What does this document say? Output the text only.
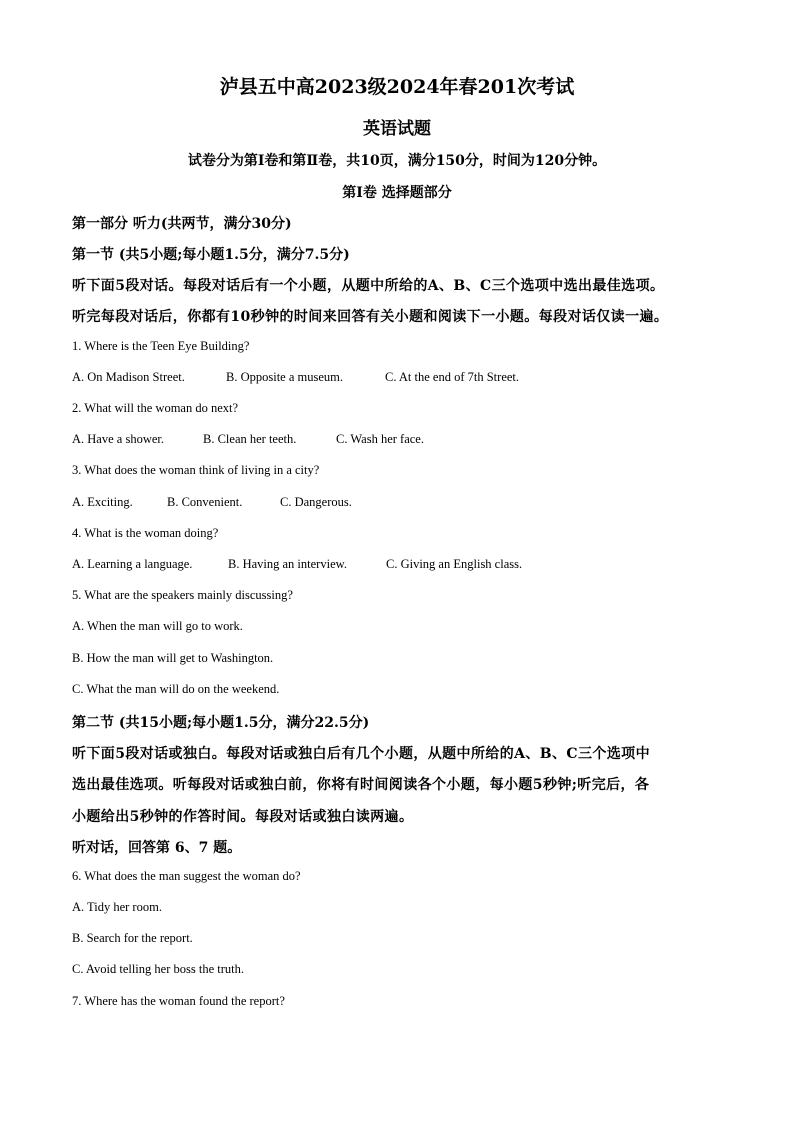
泸县五中高2023级2024年春201次考试
英语试题
试卷分为第Ⅰ卷和第Ⅱ卷，共10页，满分150分，时间为120分钟。
第Ⅰ卷 选择题部分
第一部分 听力(共两节，满分30分)
第一节 (共5小题;每小题1.5分，满分7.5分)
听下面5段对话。每段对话后有一个小题，从题中所给的A、B、C三个选项中选出最佳选项。
听完每段对话后，你都有10秒钟的时间来回答有关小题和阅读下一小题。每段对话仅读一遍。
1. Where is the Teen Eye Building?
A. On Madison Street.	B. Opposite a museum.	C. At the end of 7th Street.
2. What will the woman do next?
A. Have a shower.	B. Clean her teeth.	C. Wash her face.
3. What does the woman think of living in a city?
A. Exciting.	B. Convenient.	C. Dangerous.
4. What is the woman doing?
A. Learning a language.	B. Having an interview.	C. Giving an English class.
5. What are the speakers mainly discussing?
A. When the man will go to work.
B. How the man will get to Washington.
C. What the man will do on the weekend.
第二节 (共15小题;每小题1.5分，满分22.5分)
听下面5段对话或独白。每段对话或独白后有几个小题，从题中所给的A、B、C三个选项中
选出最佳选项。听每段对话或独白前，你将有时间阅读各个小题，每小题5秒钟;听完后，各
小题给出5秒钟的作答时间。每段对话或独白读两遍。
听对话，回答第 6、7 题。
6. What does the man suggest the woman do?
A. Tidy her room.
B. Search for the report.
C. Avoid telling her boss the truth.
7. Where has the woman found the report?
